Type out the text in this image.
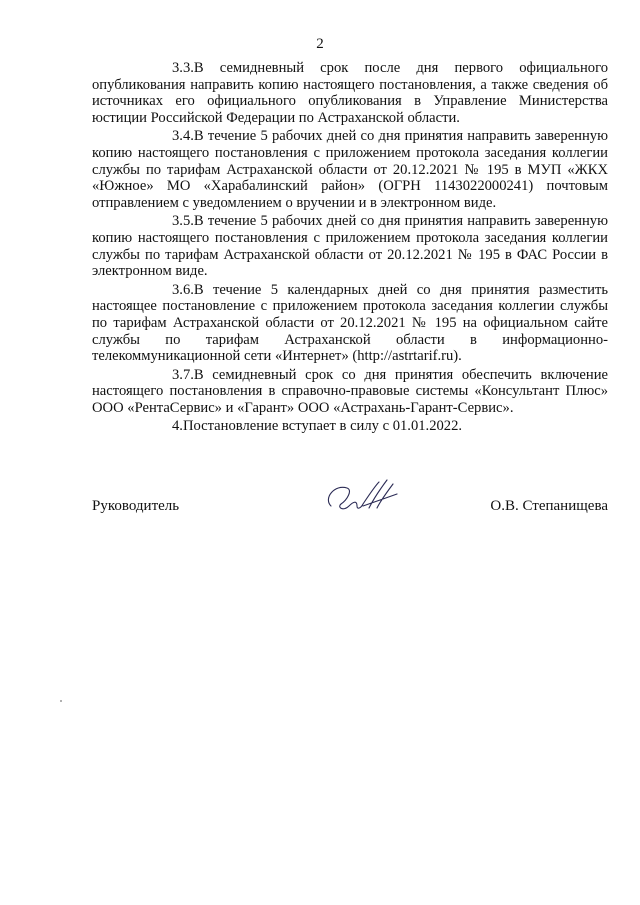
2

3.3.В семидневный срок после дня первого официального опубликования направить копию настоящего постановления, а также сведения об источниках его официального опубликования в Управление Министерства юстиции Российской Федерации по Астраханской области.

3.4.В течение 5 рабочих дней со дня принятия направить заверенную копию настоящего постановления с приложением протокола заседания коллегии службы по тарифам Астраханской области от 20.12.2021 № 195 в МУП «ЖКХ «Южное» МО «Харабалинский район» (ОГРН 1143022000241) почтовым отправлением с уведомлением о вручении и в электронном виде.

3.5.В течение 5 рабочих дней со дня принятия направить заверенную копию настоящего постановления с приложением протокола заседания коллегии службы по тарифам Астраханской области от 20.12.2021 № 195 в ФАС России в электронном виде.

3.6.В течение 5 календарных дней со дня принятия разместить настоящее постановление с приложением протокола заседания коллегии службы по тарифам Астраханской области от 20.12.2021 № 195 на официальном сайте службы по тарифам Астраханской области в информационно-телекоммуникационной сети «Интернет» (http://astrtarif.ru).

3.7.В семидневный срок со дня принятия обеспечить включение настоящего постановления в справочно-правовые системы «Консультант Плюс» ООО «РентаСервис» и «Гарант» ООО «Астрахань-Гарант-Сервис».

4.Постановление вступает в силу с 01.01.2022.

Руководитель	О.В. Степанищева
